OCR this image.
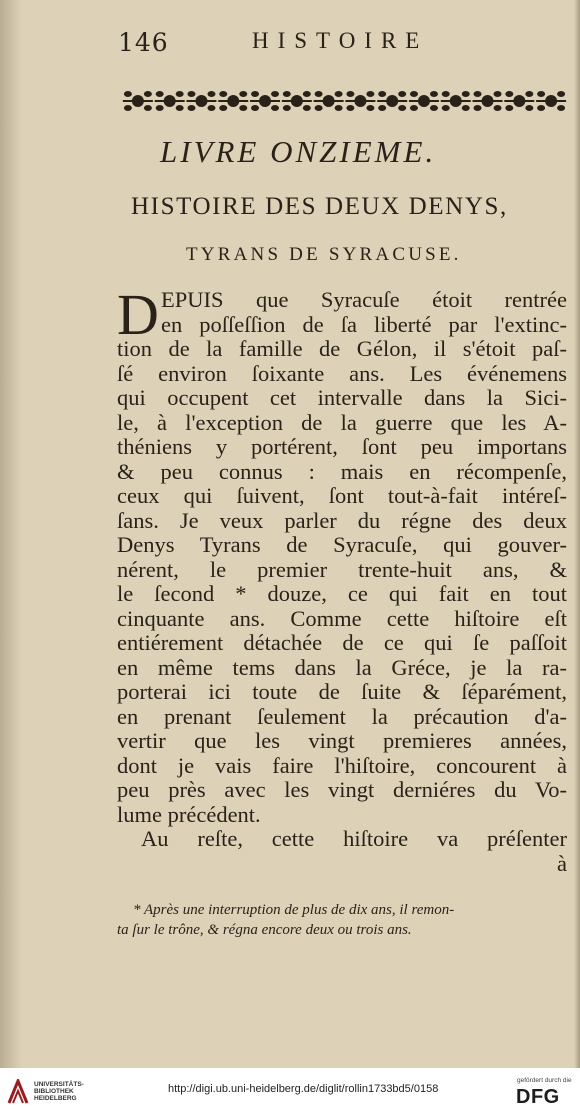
146	HISTOIRE
LIVRE ONZIEME.
HISTOIRE DES DEUX DENYS,
TYRANS DE SYRACUSE.
D EPUIS que Syracuſe étoit rentrée
en poſſeſſion de ſa liberté par l'extinc-
tion de la famille de Gélon, il s'étoit paſ-
ſé environ ſoixante ans. Les événemens
qui occupent cet intervalle dans la Sici-
le, à l'exception de la guerre que les A-
théniens y portérent, ſont peu importans
& peu connus : mais en récompenſe,
ceux qui ſuivent, ſont tout-à-fait intéreſ-
ſans. Je veux parler du régne des deux
Denys Tyrans de Syracuſe, qui gouver-
nérent, le premier trente-huit ans, &
le ſecond * douze, ce qui fait en tout
cinquante ans. Comme cette hiſtoire eſt
entiérement détachée de ce qui ſe paſſoit
en même tems dans la Gréce, je la ra-
porterai ici toute de ſuite & ſéparément,
en prenant ſeulement la précaution d'a-
vertir que les vingt premieres années,
dont je vais faire l'hiſtoire, concourent à
peu près avec les vingt derniéres du Vo-
lume précédent.
Au reſte, cette hiſtoire va préſenter
à
* Après une interruption de plus de dix ans, il remon-
ta ſur le trône, & régna encore deux ou trois ans.
UNIVERSITÄTS-
BIBLIOTHEK
HEIDELBERG
http://digi.ub.uni-heidelberg.de/diglit/rollin1733bd5/0158
gefördert durch die
DFG
